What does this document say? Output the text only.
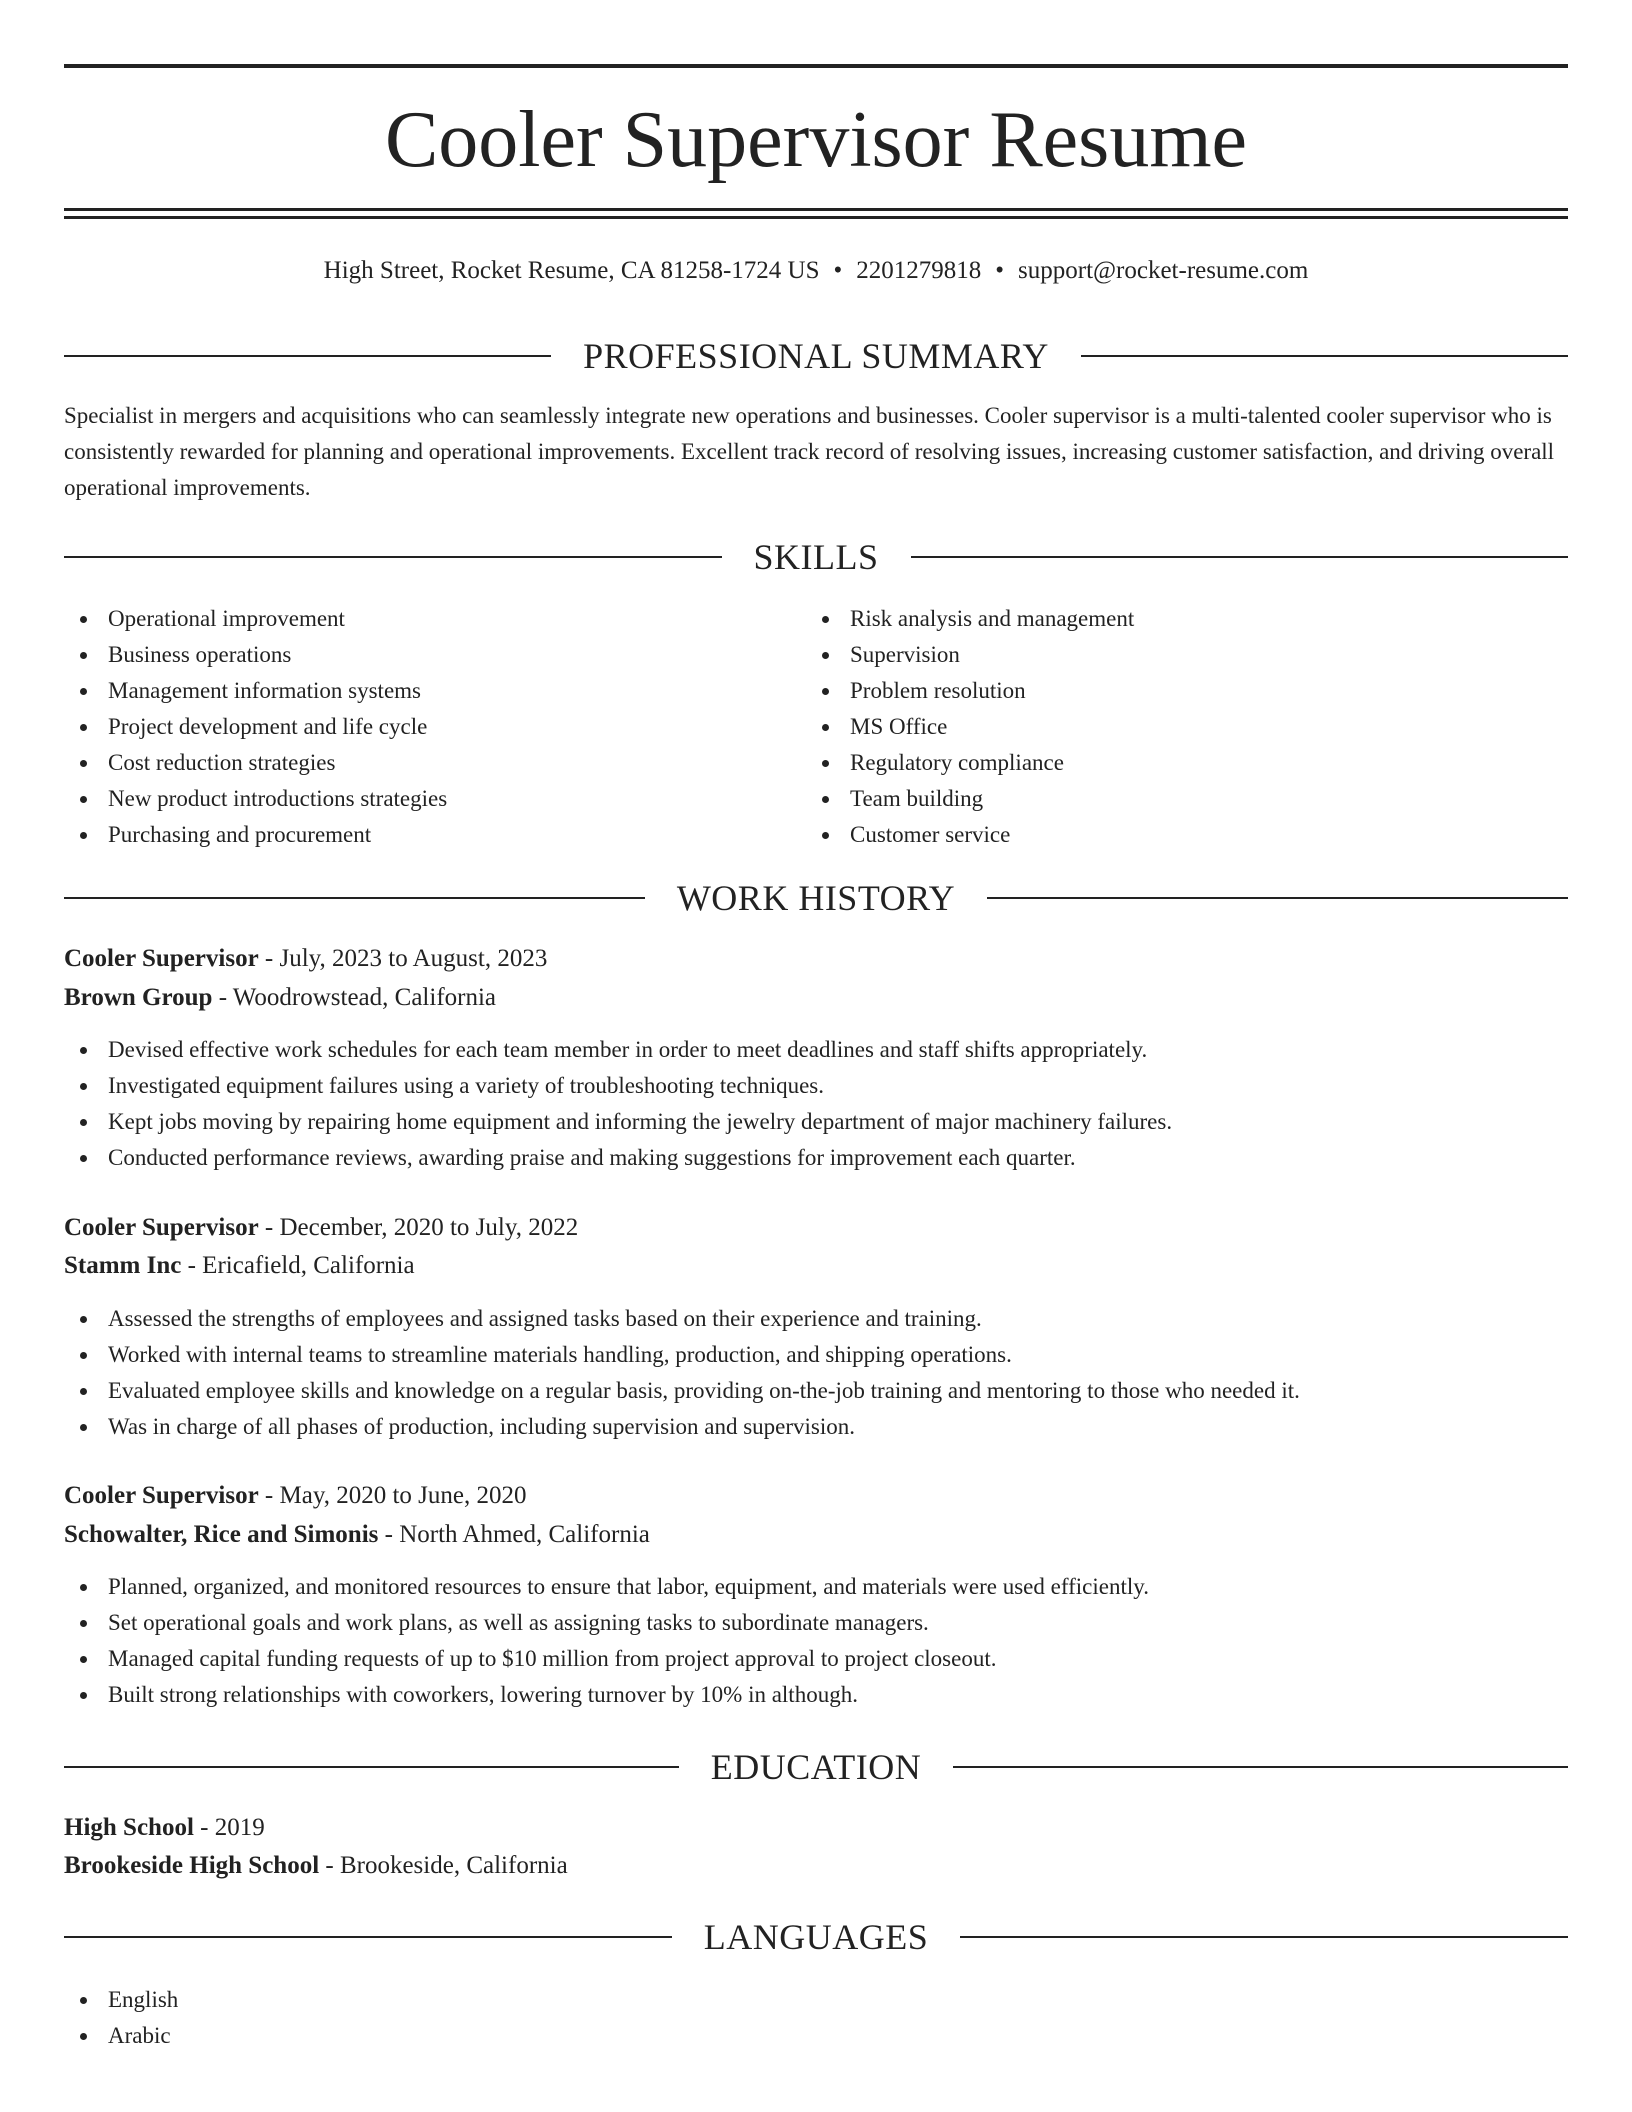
Cooler Supervisor Resume
High Street, Rocket Resume, CA 81258-1724 US • 2201279818 • support@rocket-resume.com
PROFESSIONAL SUMMARY

Specialist in mergers and acquisitions who can seamlessly integrate new operations and businesses. Cooler supervisor is a multi-talented cooler supervisor who is consistently rewarded for planning and operational improvements. Excellent track record of resolving issues, increasing customer satisfaction, and driving overall operational improvements.

SKILLS
Operational improvement
Business operations
Management information systems
Project development and life cycle
Cost reduction strategies
New product introductions strategies
Purchasing and procurement
Risk analysis and management
Supervision
Problem resolution
MS Office
Regulatory compliance
Team building
Customer service
WORK HISTORY
Cooler Supervisor - July, 2023 to August, 2023
Brown Group - Woodrowstead, California
Devised effective work schedules for each team member in order to meet deadlines and staff shifts appropriately.
Investigated equipment failures using a variety of troubleshooting techniques.
Kept jobs moving by repairing home equipment and informing the jewelry department of major machinery failures.
Conducted performance reviews, awarding praise and making suggestions for improvement each quarter.
Cooler Supervisor - December, 2020 to July, 2022
Stamm Inc - Ericafield, California
Assessed the strengths of employees and assigned tasks based on their experience and training.
Worked with internal teams to streamline materials handling, production, and shipping operations.
Evaluated employee skills and knowledge on a regular basis, providing on-the-job training and mentoring to those who needed it.
Was in charge of all phases of production, including supervision and supervision.
Cooler Supervisor - May, 2020 to June, 2020
Schowalter, Rice and Simonis - North Ahmed, California
Planned, organized, and monitored resources to ensure that labor, equipment, and materials were used efficiently.
Set operational goals and work plans, as well as assigning tasks to subordinate managers.
Managed capital funding requests of up to $10 million from project approval to project closeout.
Built strong relationships with coworkers, lowering turnover by 10% in although.
EDUCATION
High School - 2019
Brookeside High School - Brookeside, California
LANGUAGES
English
Arabic
